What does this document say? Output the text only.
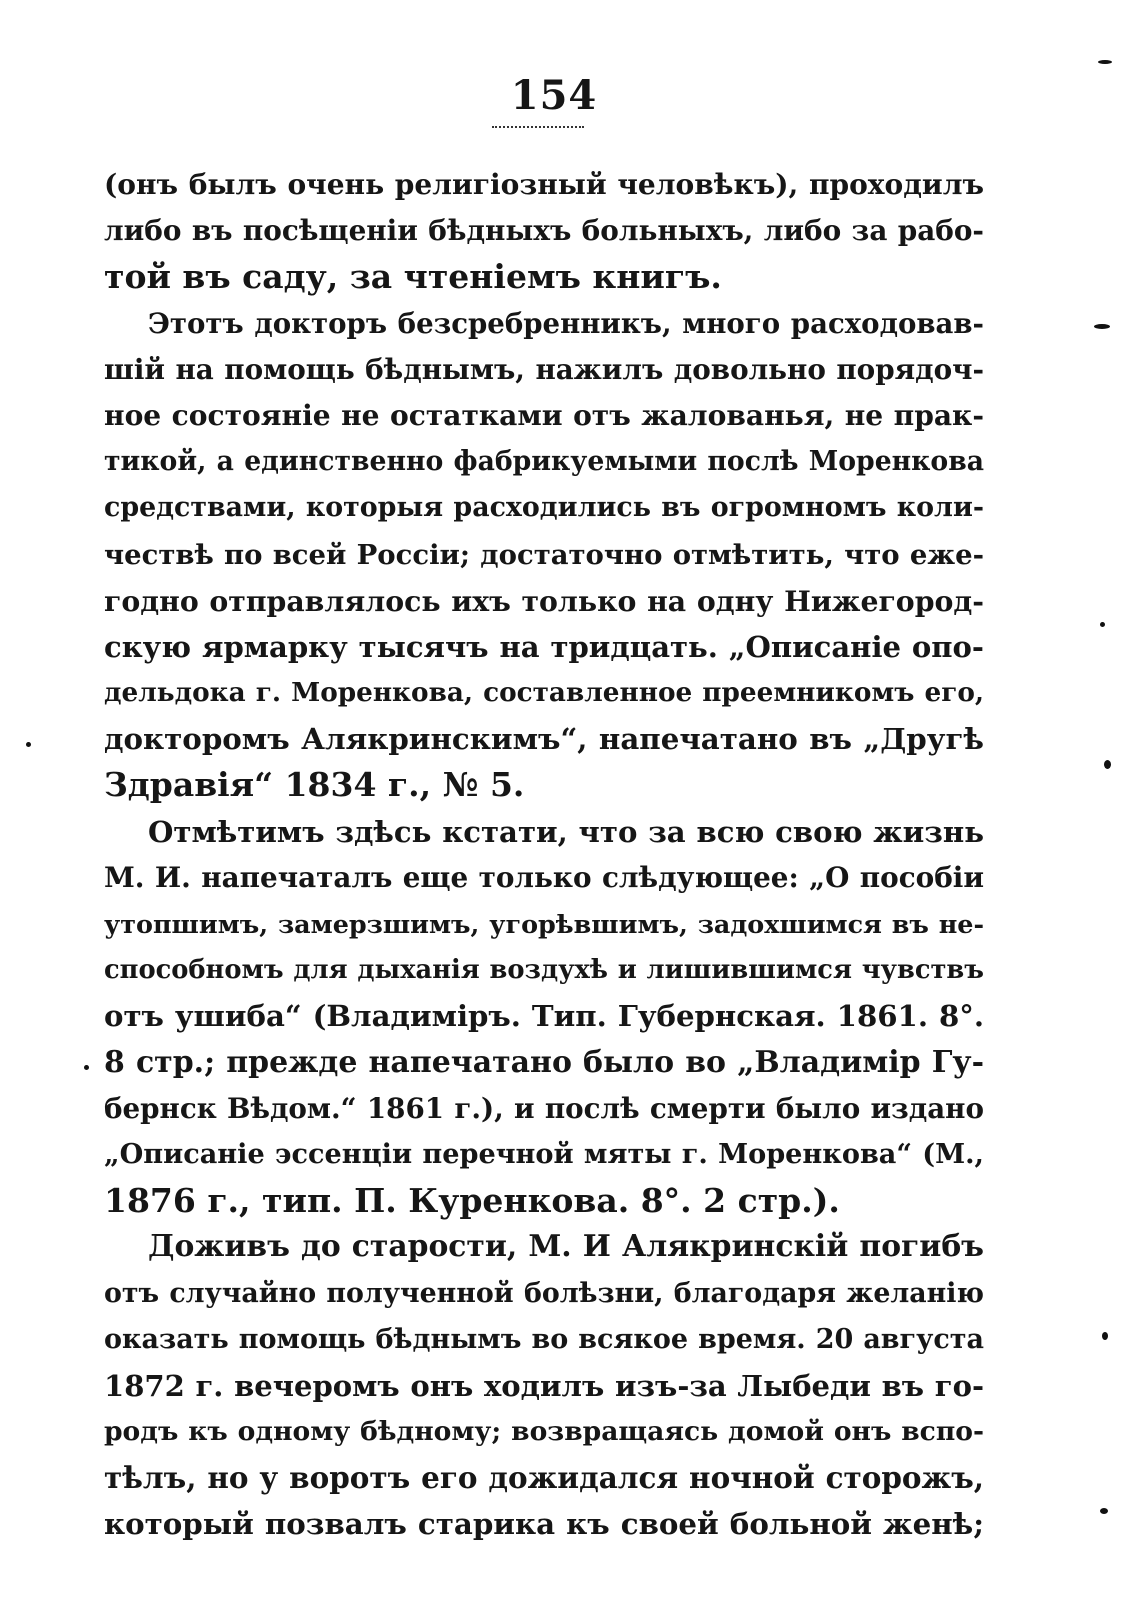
154
(онъ былъ очень религіозный человѣкъ), проходилъ
либо въ посѣщеніи бѣдныхъ больныхъ, либо за рабо-
той въ саду, за чтеніемъ книгъ.
Этотъ докторъ безсребренникъ, много расходовав-
шій на помощь бѣднымъ, нажилъ довольно порядоч-
ное состояніе не остатками отъ жалованья, не прак-
тикой, а единственно фабрикуемыми послѣ Моренкова
средствами, которыя расходились въ огромномъ коли-
чествѣ по всей Россіи; достаточно отмѣтить, что еже-
годно отправлялось ихъ только на одну Нижегород-
скую ярмарку тысячъ на тридцать. „Описаніе опо-
дельдока г. Моренкова, составленное преемникомъ его,
докторомъ Алякринскимъ“, напечатано въ „Другѣ
Здравія“ 1834 г., № 5.
Отмѣтимъ здѣсь кстати, что за всю свою жизнь
М. И. напечаталъ еще только слѣдующее: „О пособіи
утопшимъ, замерзшимъ, угорѣвшимъ, задохшимся въ не-
способномъ для дыханія воздухѣ и лишившимся чувствъ
отъ ушиба“ (Владиміръ. Тип. Губернская. 1861. 8°.
8 стр.; прежде напечатано было во „Владимір Гу-
бернск Вѣдом.“ 1861 г.), и послѣ смерти было издано
„Описаніе эссенціи перечной мяты г. Моренкова“ (М.,
1876 г., тип. П. Куренкова. 8°. 2 стр.).
Доживъ до старости, М. И Алякринскій погибъ
отъ случайно полученной болѣзни, благодаря желанію
оказать помощь бѣднымъ во всякое время. 20 августа
1872 г. вечеромъ онъ ходилъ изъ-за Лыбеди въ го-
родъ къ одному бѣдному; возвращаясь домой онъ вспо-
тѣлъ, но у воротъ его дожидался ночной сторожъ,
который позвалъ старика къ своей больной женѣ;
